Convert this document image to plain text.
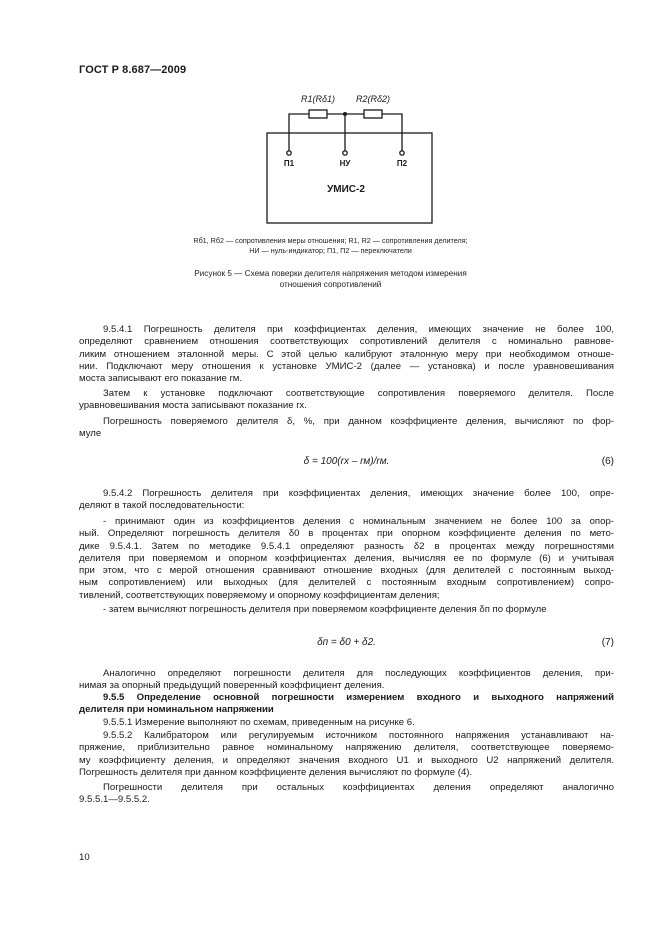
ГОСТ Р 8.687—2009
R1(Rδ1) R2(Rδ2)
П1	НУ	П2
УМИС-2
Rб1, Rб2 — сопротивления меры отношения; R1, R2 — сопротивления делителя;
НИ — нуль-индикатор; П1, П2 — переключатели
Рисунок 5 — Схема поверки делителя напряжения методом измерения
отношения сопротивлений
9.5.4.1 Погрешность делителя при коэффициентах деления, имеющих значение не более 100,
определяют сравнением отношения соответствующих сопротивлений делителя с номинально равнове-
ликим отношением эталонной меры. С этой целью калибруют эталонную меру при необходимом отноше-
нии. Подключают меру отношения к установке УМИС-2 (далее — установка) и после уравновешивания
моста записывают его показание rм.
Затем к установке подключают соответствующие сопротивления поверяемого делителя. После
уравновешивания моста записывают показание rx.
Погрешность поверяемого делителя δ, %, при данном коэффициенте деления, вычисляют по фор-
муле
δ = 100(rx – rм)/rм.	(6)
9.5.4.2 Погрешность делителя при коэффициентах деления, имеющих значение более 100, опре-
деляют в такой последовательности:
- принимают один из коэффициентов деления с номинальным значением не более 100 за опор-
ный. Определяют погрешность делителя δ0 в процентах при опорном коэффициенте деления по мето-
дике 9.5.4.1. Затем по методике 9.5.4.1 определяют разность δ2 в процентах между погрешностями
делителя при поверяемом и опорном коэффициентах деления, вычисляя ее по формуле (6) и учитывая
при этом, что с мерой отношения сравнивают отношение входных (для делителей с постоянным выход-
ным сопротивлением) или выходных (для делителей с постоянным входным сопротивлением) сопро-
тивлений, соответствующих поверяемому и опорному коэффициентам деления;
- затем вычисляют погрешность делителя при поверяемом коэффициенте деления δп по формуле
δп = δ0 + δ2.	(7)
Аналогично определяют погрешности делителя для последующих коэффициентов деления, при-
нимая за опорный предыдущий поверенный коэффициент деления.
9.5.5 Определение основной погрешности измерением входного и выходного напряжений
делителя при номинальном напряжении
9.5.5.1 Измерение выполняют по схемам, приведенным на рисунке 6.
9.5.5.2 Калибратором или регулируемым источником постоянного напряжения устанавливают на-
пряжение, приблизительно равное номинальному напряжению делителя, соответствующее поверяемо-
му коэффициенту деления, и определяют значения входного U1 и выходного U2 напряжений делителя.
Погрешность делителя при данном коэффициенте деления вычисляют по формуле (4).
Погрешности делителя при остальных коэффициентах деления определяют аналогично
9.5.5.1—9.5.5.2.
10
